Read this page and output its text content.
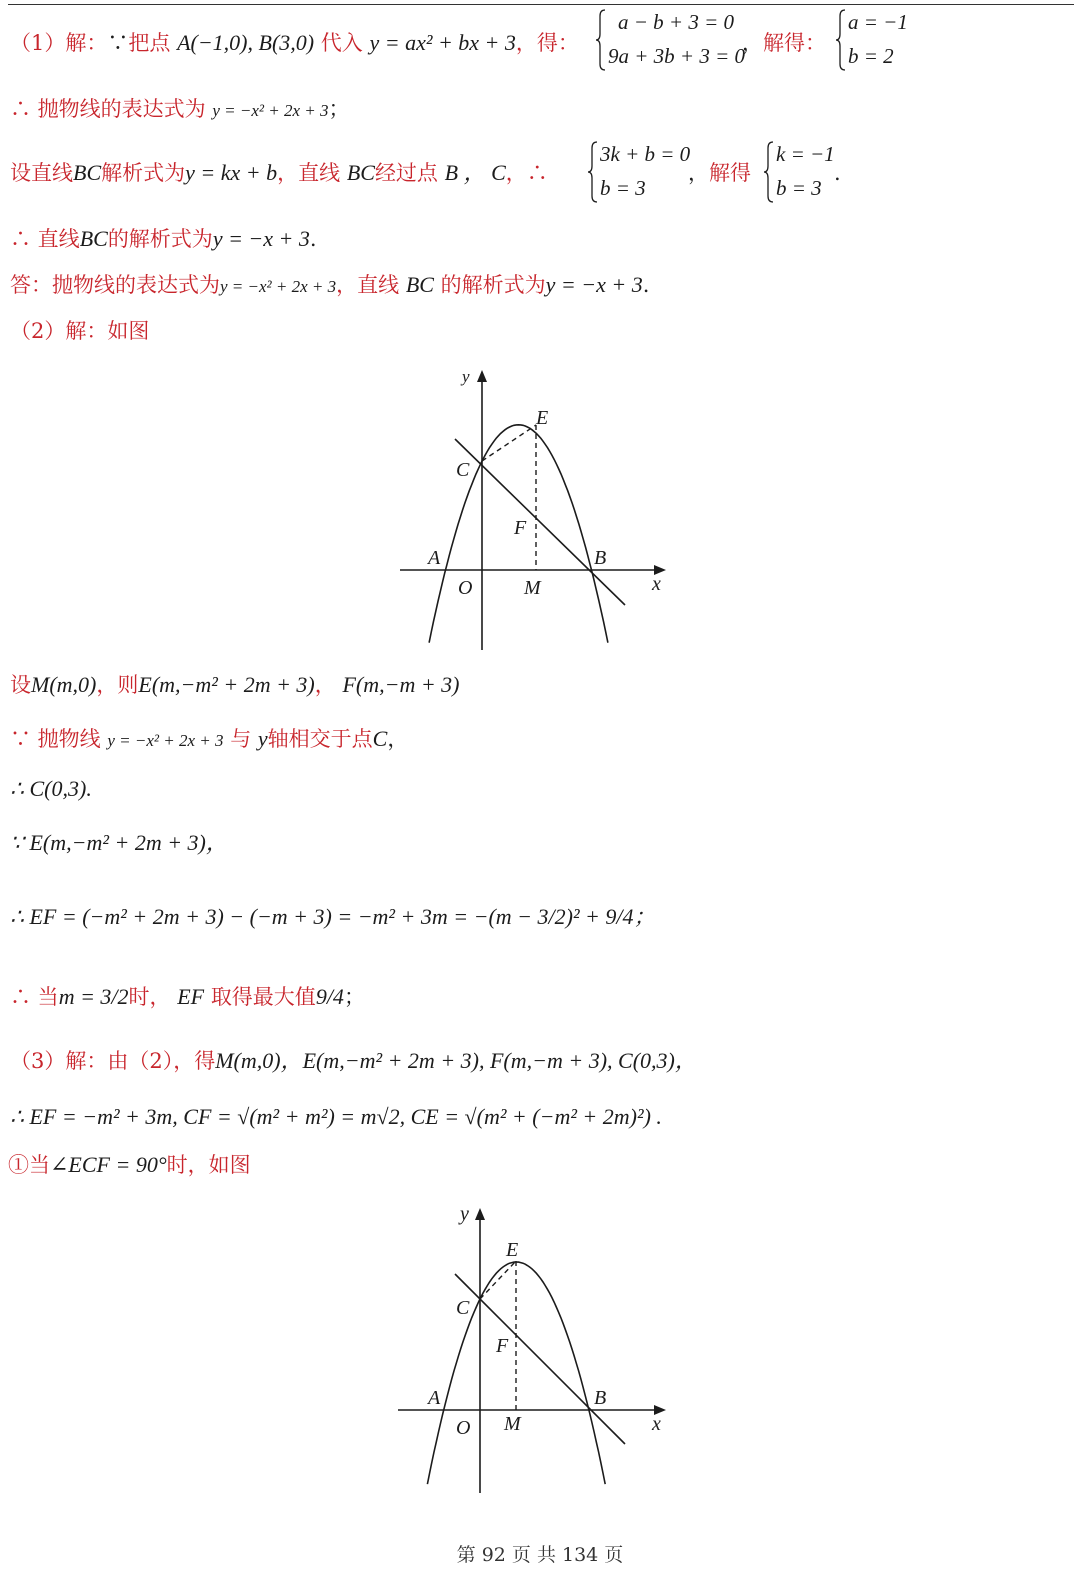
（1）解：∵把点 A(−1,0), B(3,0) 代入 y = ax² + bx + 3，得：
a − b + 3 = 0
9a + 3b + 3 = 0
，解得：
a = −1
b = 2
∴ 抛物线的表达式为 y = −x² + 2x + 3；
设直线BC解析式为y = kx + b，直线 BC经过点 B ， C，∴
3k + b = 0
b = 3
，解得
k = −1
b = 3
.
∴ 直线BC的解析式为y = −x + 3.
答：抛物线的表达式为y = −x² + 2x + 3，直线 BC 的解析式为y = −x + 3.
（2）解：如图
y
x
O
A	B
C
E
F
M
设M(m,0)，则E(m,−m² + 2m + 3)， F(m,−m + 3)
∵ 抛物线 y = −x² + 2x + 3 与 y轴相交于点C，
∴ C(0,3).
∵ E(m,−m² + 2m + 3)，
∴ EF = (−m² + 2m + 3) − (−m + 3) = −m² + 3m = −(m − 3/2)² + 9/4；
∴ 当m = 3/2时， EF 取得最大值9/4；
（3）解：由（2），得M(m,0)，E(m,−m² + 2m + 3), F(m,−m + 3), C(0,3)，
∴ EF = −m² + 3m, CF = √(m² + m²) = m√2, CE = √(m² + (−m² + 2m)²) .
①当∠ECF = 90°时，如图
y
x
O
A	B
C
E
F
M
第 92 页 共 134 页
